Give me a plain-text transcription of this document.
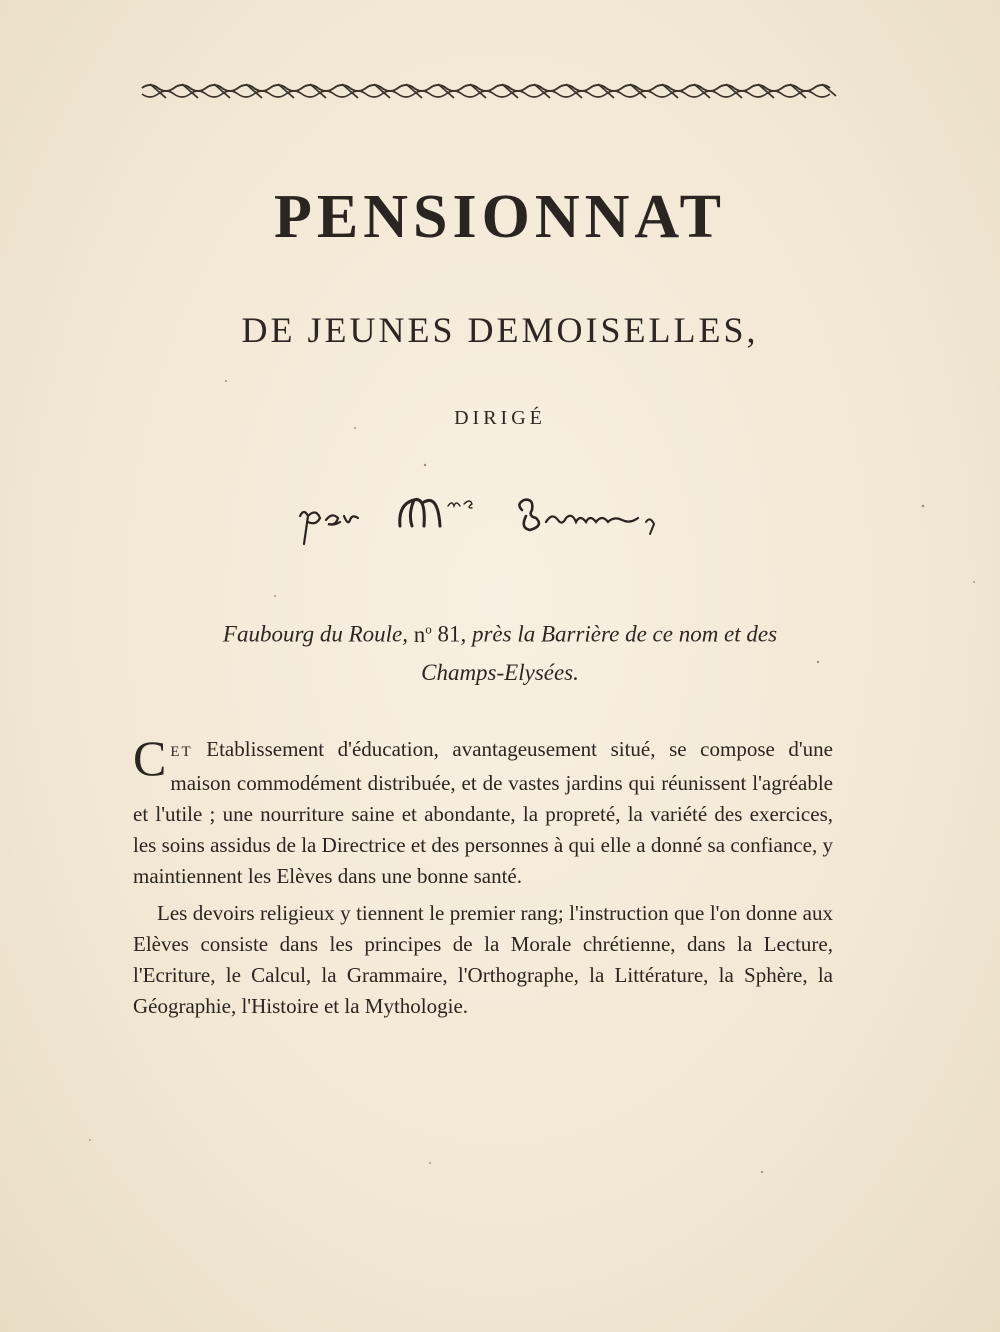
PENSIONNAT
DE JEUNES DEMOISELLES,
DIRIGÉ
Faubourg du Roule, $n^o$ 81, près la Barrière de ce nom et des
Champs-Elysées.

CET Etablissement d'éducation, avantageusement situé, se compose d'une maison commodément distribuée, et de vastes jardins qui réunissent l'agréable et l'utile ; une nourriture saine et abondante, la propreté, la variété des exercices, les soins assidus de la Directrice et des personnes à qui elle a donné sa confiance, y maintiennent les Elèves dans une bonne santé.

Les devoirs religieux y tiennent le premier rang; l'instruction que l'on donne aux Elèves consiste dans les principes de la Morale chrétienne, dans la Lecture, l'Ecriture, le Calcul, la Grammaire, l'Orthographe, la Littérature, la Sphère, la Géographie, l'Histoire et la Mythologie.
